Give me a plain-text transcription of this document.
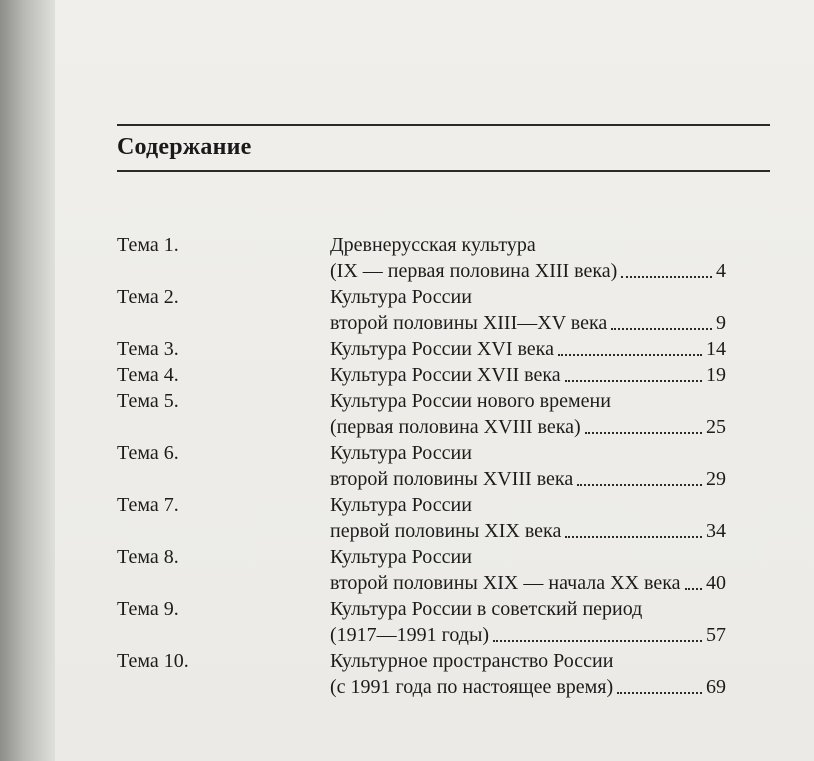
Содержание
Тема 1.	Древнерусская культура
(IX — первая половина XIII века)	4
Тема 2.	Культура России
второй половины XIII—XV века	9
Тема 3.	Культура России XVI века	14
Тема 4.	Культура России XVII века	19
Тема 5.	Культура России нового времени
(первая половина XVIII века)	25
Тема 6.	Культура России
второй половины XVIII века	29
Тема 7.	Культура России
первой половины XIX века	34
Тема 8.	Культура России
второй половины XIX — начала XX века 40
Тема 9.	Культура России в советский период
(1917—1991 годы)	57
Тема 10.	Культурное пространство России
(с 1991 года по настоящее время)	69
